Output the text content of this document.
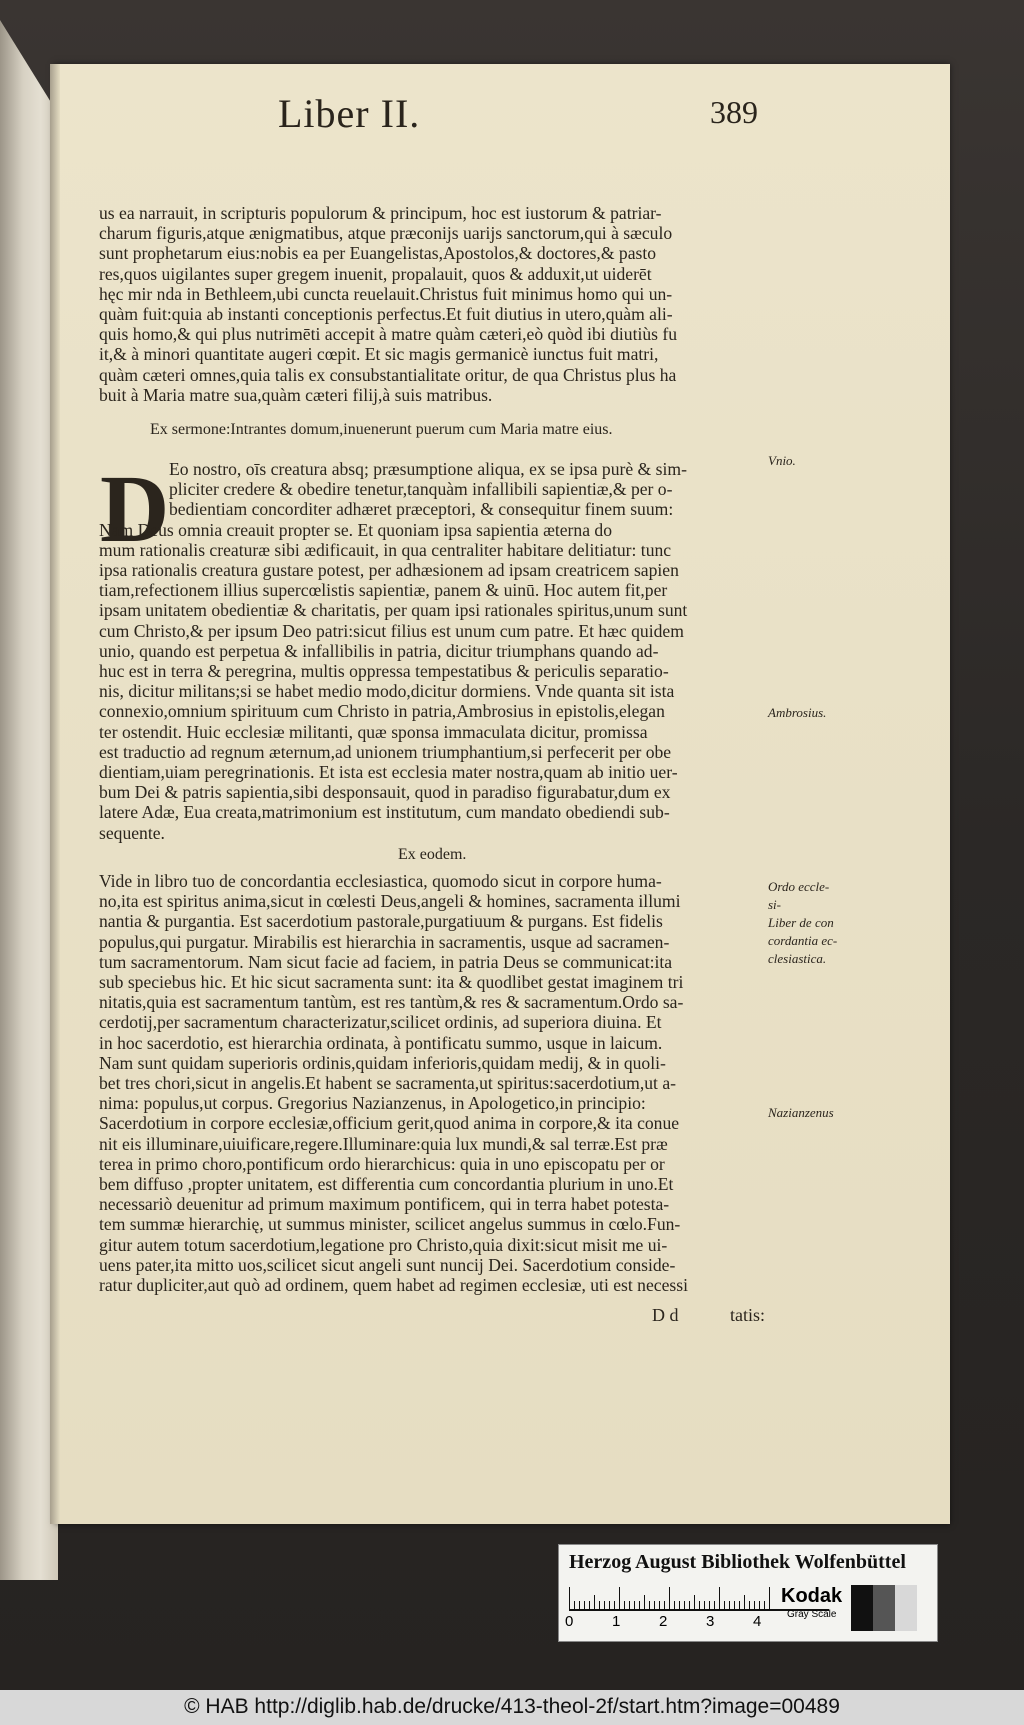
Liber II.	389
us ea narrauit, in scripturis populorum & principum, hoc est iustorum & patriar-
charum figuris,atque ænigmatibus, atque præconijs uarijs sanctorum,qui à sæculo
sunt prophetarum eius:nobis ea per Euangelistas,Apostolos,& doctores,& pasto
res,quos uigilantes super gregem inuenit, propalauit, quos & adduxit,ut uiderēt
hęc mir nda in Bethleem,ubi cuncta reuelauit.Christus fuit minimus homo qui un-
quàm fuit:quia ab instanti conceptionis perfectus.Et fuit diutius in utero,quàm ali-
quis homo,& qui plus nutrimēti accepit à matre quàm cæteri,eò quòd ibi diutiùs fu
it,& à minori quantitate augeri cœpit. Et sic magis germanicè iunctus fuit matri,
quàm cæteri omnes,quia talis ex consubstantialitate oritur, de qua Christus plus ha
buit à Maria matre sua,quàm cæteri filij,à suis matribus.
Ex sermone:Intrantes domum,inuenerunt puerum cum Maria matre eius.
D Eo nostro, oīs creatura absq; præsumptione aliqua, ex se ipsa purè & sim-
pliciter credere & obedire tenetur,tanquàm infallibili sapientiæ,& per o-
bedientiam concorditer adhæret præceptori, & consequitur finem suum:
Nam Deus omnia creauit propter se. Et quoniam ipsa sapientia æterna do
mum rationalis creaturæ sibi ædificauit, in qua centraliter habitare delitiatur: tunc
ipsa rationalis creatura gustare potest, per adhæsionem ad ipsam creatricem sapien
tiam,refectionem illius supercœlistis sapientiæ, panem & uinū. Hoc autem fit,per
ipsam unitatem obedientiæ & charitatis, per quam ipsi rationales spiritus,unum sunt
cum Christo,& per ipsum Deo patri:sicut filius est unum cum patre. Et hæc quidem
unio, quando est perpetua & infallibilis in patria, dicitur triumphans quando ad-
huc est in terra & peregrina, multis oppressa tempestatibus & periculis separatio-
nis, dicitur militans;si se habet medio modo,dicitur dormiens. Vnde quanta sit ista
connexio,omnium spirituum cum Christo in patria,Ambrosius in epistolis,elegan
ter ostendit. Huic ecclesiæ militanti, quæ sponsa immaculata dicitur, promissa
est traductio ad regnum æternum,ad unionem triumphantium,si perfecerit per obe
dientiam,uiam peregrinationis. Et ista est ecclesia mater nostra,quam ab initio uer-
bum Dei & patris sapientia,sibi desponsauit, quod in paradiso figurabatur,dum ex
latere Adæ, Eua creata,matrimonium est institutum, cum mandato obediendi sub-
sequente.
Ex eodem.
Vide in libro tuo de concordantia ecclesiastica, quomodo sicut in corpore huma-
no,ita est spiritus anima,sicut in cœlesti Deus,angeli & homines, sacramenta illumi
nantia & purgantia. Est sacerdotium pastorale,purgatiuum & purgans. Est fidelis
populus,qui purgatur. Mirabilis est hierarchia in sacramentis, usque ad sacramen-
tum sacramentorum. Nam sicut facie ad faciem, in patria Deus se communicat:ita
sub speciebus hic. Et hic sicut sacramenta sunt: ita & quodlibet gestat imaginem tri
nitatis,quia est sacramentum tantùm, est res tantùm,& res & sacramentum.Ordo sa-
cerdotij,per sacramentum characterizatur,scilicet ordinis, ad superiora diuina. Et
in hoc sacerdotio, est hierarchia ordinata, à pontificatu summo, usque in laicum.
Nam sunt quidam superioris ordinis,quidam inferioris,quidam medij, & in quoli-
bet tres chori,sicut in angelis.Et habent se sacramenta,ut spiritus:sacerdotium,ut a-
nima: populus,ut corpus. Gregorius Nazianzenus, in Apologetico,in principio:
Sacerdotium in corpore ecclesiæ,officium gerit,quod anima in corpore,& ita conue
nit eis illuminare,uiuificare,regere.Illuminare:quia lux mundi,& sal terræ.Est præ
terea in primo choro,pontificum ordo hierarchicus: quia in uno episcopatu per or
bem diffuso ,propter unitatem, est differentia cum concordantia plurium in uno.Et
necessariò deuenitur ad primum maximum pontificem, qui in terra habet potesta-
tem summæ hierarchię, ut summus minister, scilicet angelus summus in cœlo.Fun-
gitur autem totum sacerdotium,legatione pro Christo,quia dixit:sicut misit me ui-
uens pater,ita mitto uos,scilicet sicut angeli sunt nuncij Dei. Sacerdotium conside-
ratur dupliciter,aut quò ad ordinem, quem habet ad regimen ecclesiæ, uti est necessi
Vnio.
Ambrosius.
Ordo eccle-
si-
Liber de con
cordantia ec-
clesiastica.
Nazianzenus
D d	tatis:
Herzog August Bibliothek Wolfenbüttel
0	1	2	3	4
Kodak
Gray Scale
© HAB http://diglib.hab.de/drucke/413-theol-2f/start.htm?image=00489
